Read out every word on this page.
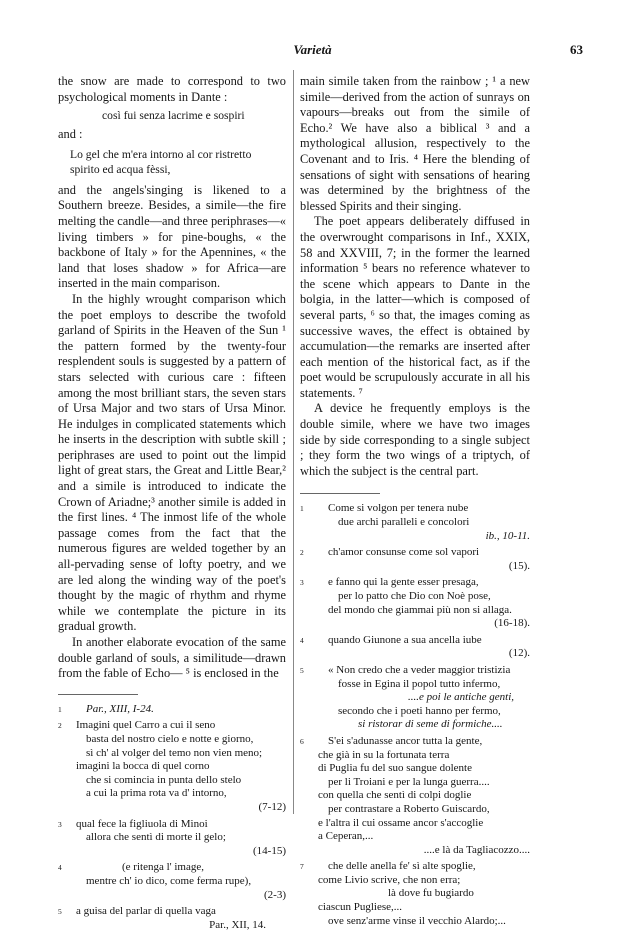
Varietà	63

the snow are made to correspond to two psychological moments in Dante :

così fui senza lacrime e sospiri

and :

Lo gel che m'era intorno al cor ristretto
spirito ed acqua fèssi,

and the angels'singing is likened to a Southern breeze. Besides, a simile—the fire melting the candle—and three periphrases—« living timbers » for pine-boughs, « the backbone of Italy » for the Apennines, « the land that loses shadow » for Africa—are inserted in the main comparison.

In the highly wrought comparison which the poet employs to describe the twofold garland of Spirits in the Heaven of the Sun ¹ the pattern formed by the twenty-four resplendent souls is suggested by a pattern of stars selected with curious care : fifteen among the most brilliant stars, the seven stars of Ursa Major and two stars of Ursa Minor. He indulges in complicated statements which he inserts in the description with subtle skill ; periphrases are used to point out the limpid light of great stars, the Great and Little Bear,² and a simile is introduced to indicate the Crown of Ariadne;³ another simile is added in the first lines. ⁴ The inmost life of the whole passage comes from the fact that the numerous figures are welded together by an all-pervading sense of lofty poetry, and we are led along the winding way of the poet's thought by the magic of rhythm and rhyme while we contemplate the picture in its gradual growth.

In another elaborate evocation of the same double garland of souls, a similitude—drawn from the fable of Echo— ⁵ is enclosed in the

1	Par., XIII, I-24.
2 Imagini quel Carro a cui il seno
basta del nostro cielo e notte e giorno,
sì ch' al volger del temo non vien meno;
imagini la bocca di quel corno
che si comincia in punta dello stelo
a cui la prima rota va d' intorno,
(7-12)
3 qual fece la figliuola di Minoi
allora che sentì di morte il gelo;
(14-15)
4	(e ritenga l' image,
mentre ch' io dico, come ferma rupe),
(2-3)
5 a guisa del parlar di quella vaga
Par., XII, 14.

main simile taken from the rainbow ; ¹ a new simile—derived from the action of sunrays on vapours—breaks out from the simile of Echo.² We have also a biblical ³ and a mythological allusion, respectively to the Covenant and to Iris. ⁴ Here the blending of sensations of sight with sensations of hearing was determined by the brightness of the blessed Spirits and their singing.

The poet appears deliberately diffused in the overwrought comparisons in Inf., XXIX, 58 and XXVIII, 7; in the former the learned information ⁵ bears no reference whatever to the scene which appears to Dante in the bolgia, in the latter—which is composed of several parts, ⁶ so that, the images coming as successive waves, the effect is obtained by accumulation—the remarks are inserted after each mention of the historical fact, as if the poet would be scrupulously accurate in all his statements. ⁷

A device he frequently employs is the double simile, where we have two images side by side corresponding to a single subject ; they form the two wings of a triptych, of which the subject is the central part.

1	Come si volgon per tenera nube
due archi paralleli e concolori
ib., 10-11.
2	ch'amor consunse come sol vapori
(15).
3	e fanno qui la gente esser presaga,
per lo patto che Dio con Noè pose,
del mondo che giammai più non si allaga.
(16-18).
4	quando Giunone a sua ancella iube
(12).
5	« Non credo che a veder maggior tristizia
fosse in Egina il popol tutto infermo,
....e poi le antiche genti,
secondo che i poeti hanno per fermo,
si ristorar di seme di formiche....
6	S'ei s'adunasse ancor tutta la gente,
che già in su la fortunata terra
di Puglia fu del suo sangue dolente
per li Troiani e per la lunga guerra....
con quella che sentì di colpi doglie
per contrastare a Roberto Guiscardo,
e l'altra il cui ossame ancor s'accoglie
a Ceperan,...
....e là da Tagliacozzo....
7	che delle anella fe' sì alte spoglie,
come Livio scrive, che non erra;
là dove fu bugiardo
ciascun Pugliese,...
ove senz'arme vinse il vecchio Alardo;...
